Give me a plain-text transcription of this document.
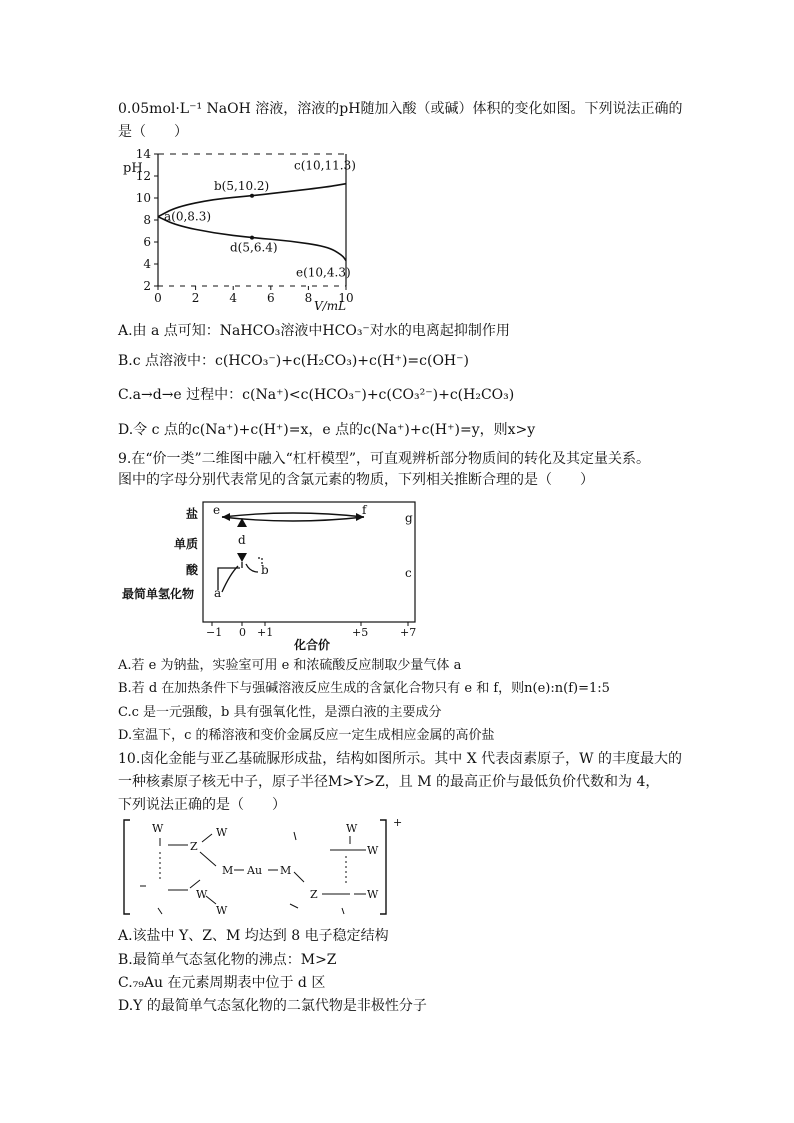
0.05mol·L⁻¹ NaOH 溶液，溶液的pH随加入酸（或碱）体积的变化如图。下列说法正确的
是（　　）
2
4
6
8
10
12
14
0 2 4 6 8 10
a(0,8.3)
b(5,10.2)
c(10,11.3)
d(5,6.4)
e(10,4.3)
pH
V/mL
A.由 a 点可知：NaHCO₃溶液中HCO₃⁻对水的电离起抑制作用
B.c 点溶液中：c(HCO₃⁻)+c(H₂CO₃)+c(H⁺)=c(OH⁻)
C.a→d→e 过程中：c(Na⁺)<c(HCO₃⁻)+c(CO₃²⁻)+c(H₂CO₃)
D.令 c 点的c(Na⁺)+c(H⁺)=x，e 点的c(Na⁺)+c(H⁺)=y，则x>y
9.在“价一类”二维图中融入“杠杆模型”，可直观辨析部分物质间的转化及其定量关系。
图中的字母分别代表常见的含氯元素的物质，下列相关推断合理的是（　　）
盐
单质
酸
最简单氢化物
−1 0 +1	+5	+7
化合价
e	f
g
d
b	c
a
A.若 e 为钠盐，实验室可用 e 和浓硫酸反应制取少量气体 a
B.若 d 在加热条件下与强碱溶液反应生成的含氯化合物只有 e 和 f，则n(e):n(f)=1:5
C.c 是一元强酸，b 具有强氧化性，是漂白液的主要成分
D.室温下，c 的稀溶液和变价金属反应一定生成相应金属的高价盐
10.卤化金能与亚乙基硫脲形成盐，结构如图所示。其中 X 代表卤素原子，W 的丰度最大的
一种核素原子核无中子，原子半径M>Y>Z，且 M 的最高正价与最低负价代数和为 4，
下列说法正确的是（　　）
+
W	W
Z
M Au M
W
W
W
Z
W
W
A.该盐中 Y、Z、M 均达到 8 电子稳定结构
B.最简单气态氢化物的沸点：M>Z
C.₇₉Au 在元素周期表中位于 d 区
D.Y 的最简单气态氢化物的二氯代物是非极性分子
